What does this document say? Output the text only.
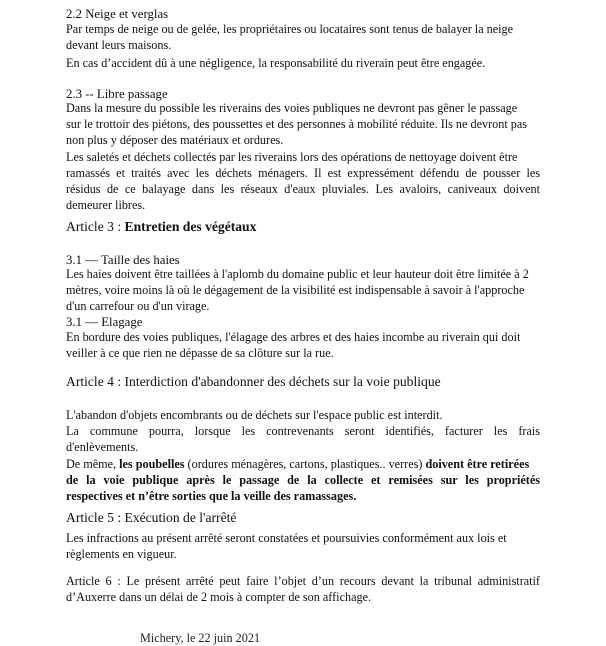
2.2 Neige et verglas
Par temps de neige ou de gelée, les propriétaires ou locataires sont tenus de balayer la neige
devant leurs maisons.
En cas d’accident dû à une négligence, la responsabilité du riverain peut être engagée.
2.3 -- Libre passage
Dans la mesure du possible les riverains des voies publiques ne devront pas gêner le passage
sur le trottoir des piétons, des poussettes et des personnes à mobilité réduite. Ils ne devront pas
non plus y déposer des matériaux et ordures.
Les saletés et déchets collectés par les riverains lors des opérations de nettoyage doivent être
ramassés et traités avec les déchets ménagers. Il est expressément défendu de pousser les
résidus de ce balayage dans les réseaux d'eaux pluviales. Les avaloirs, caniveaux doivent
demeurer libres.
Article 3 : Entretien des végétaux
3.1 — Taille des haies
Les haies doivent être taillées à l'aplomb du domaine public et leur hauteur doit être limitée à 2
mètres, voire moins là où le dégagement de la visibilité est indispensable à savoir à l'approche
d'un carrefour ou d'un virage.
3.1 — Elagage
En bordure des voies publiques, l'élagage des arbres et des haies incombe au riverain qui doit
veiller à ce que rien ne dépasse de sa clôture sur la rue.
Article 4 : Interdiction d'abandonner des déchets sur la voie publique
L'abandon d'objets encombrants ou de déchets sur l'espace public est interdit.
La commune pourra, lorsque les contrevenants seront identifiés, facturer les frais
d'enlèvements.
De même, les poubelles (ordures ménagères, cartons, plastiques.. verres) doivent être retirées
de la voie publique après le passage de la collecte et remisées sur les propriétés
respectives et n’être sorties que la veille des ramassages.
Article 5 : Exécution de l'arrêté
Les infractions au présent arrêté seront constatées et poursuivies conformément aux lois et
règlements en vigueur.
Article 6 : Le présent arrêté peut faire l’objet d’un recours devant la tribunal administratif
d’Auxerre dans un délai de 2 mois à compter de son affichage.
Michery, le 22 juin 2021
